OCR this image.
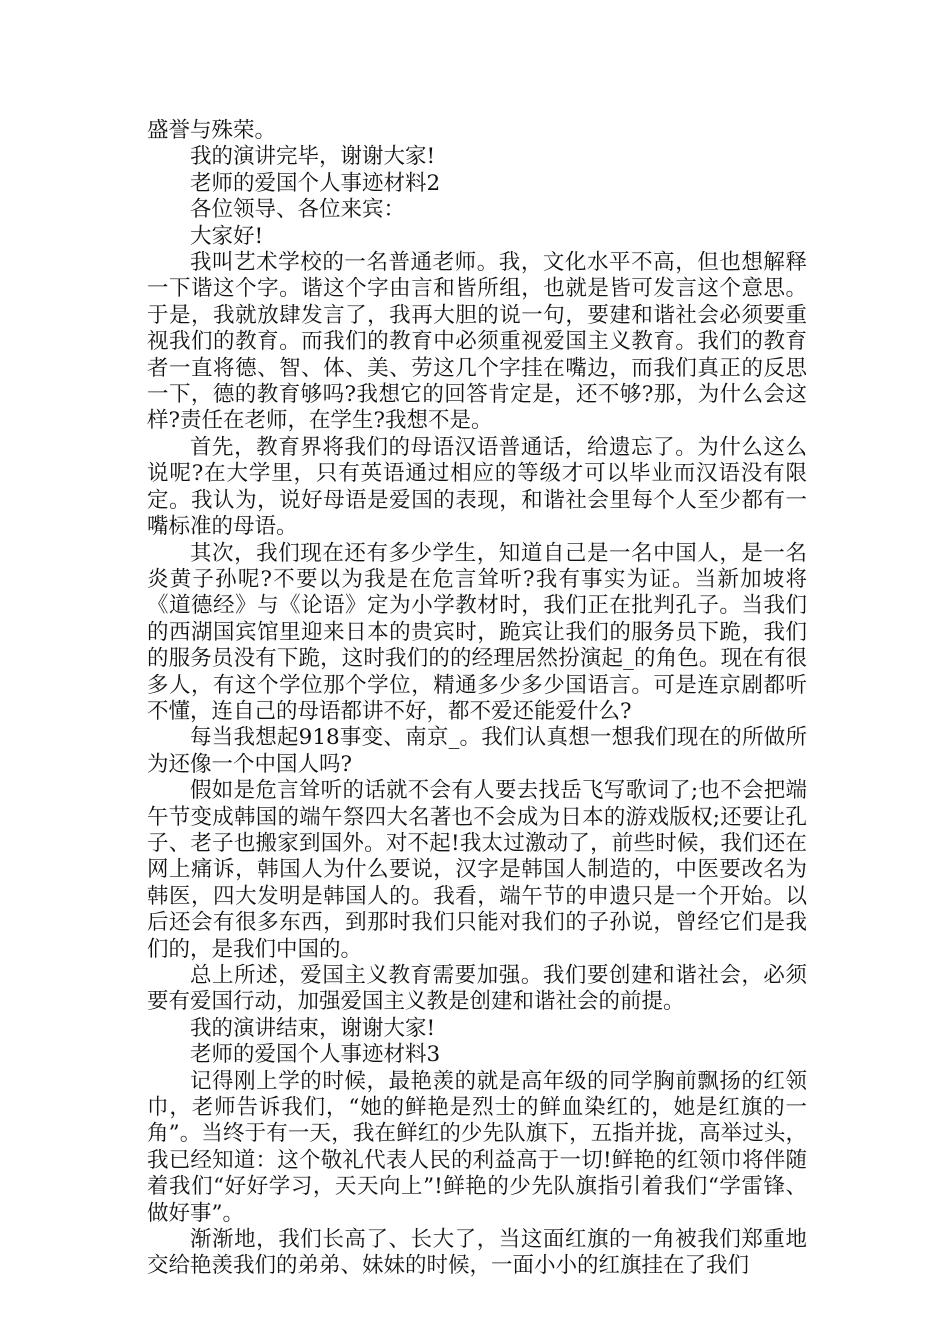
盛誉与殊荣。

我的演讲完毕，谢谢大家!

老师的爱国个人事迹材料2

各位领导、各位来宾：

大家好!

我叫艺术学校的一名普通老师。我，文化水平不高，但也想解释一下谐这个字。谐这个字由言和皆所组，也就是皆可发言这个意思。于是，我就放肆发言了，我再大胆的说一句，要建和谐社会必须要重视我们的教育。而我们的教育中必须重视爱国主义教育。我们的教育者一直将德、智、体、美、劳这几个字挂在嘴边，而我们真正的反思一下，德的教育够吗?我想它的回答肯定是，还不够?那，为什么会这样?责任在老师，在学生?我想不是。

首先，教育界将我们的母语汉语普通话，给遗忘了。为什么这么说呢?在大学里，只有英语通过相应的等级才可以毕业而汉语没有限定。我认为，说好母语是爱国的表现，和谐社会里每个人至少都有一嘴标准的母语。

其次，我们现在还有多少学生，知道自己是一名中国人，是一名炎黄子孙呢?不要以为我是在危言耸听?我有事实为证。当新加坡将《道德经》与《论语》定为小学教材时，我们正在批判孔子。当我们的西湖国宾馆里迎来日本的贵宾时，跪宾让我们的服务员下跪，我们的服务员没有下跪，这时我们的的经理居然扮演起_的角色。现在有很多人，有这个学位那个学位，精通多少多少国语言。可是连京剧都听不懂，连自己的母语都讲不好，都不爱还能爱什么?

每当我想起918事变、南京_。我们认真想一想我们现在的所做所为还像一个中国人吗?

假如是危言耸听的话就不会有人要去找岳飞写歌词了;也不会把端午节变成韩国的端午祭四大名著也不会成为日本的游戏版权;还要让孔子、老子也搬家到国外。对不起!我太过激动了，前些时候，我们还在网上痛诉，韩国人为什么要说，汉字是韩国人制造的，中医要改名为韩医，四大发明是韩国人的。我看，端午节的申遗只是一个开始。以后还会有很多东西，到那时我们只能对我们的子孙说，曾经它们是我们的，是我们中国的。

总上所述，爱国主义教育需要加强。我们要创建和谐社会，必须要有爱国行动，加强爱国主义教是创建和谐社会的前提。

我的演讲结束，谢谢大家!

老师的爱国个人事迹材料3

记得刚上学的时候，最艳羡的就是高年级的同学胸前飘扬的红领巾，老师告诉我们，“她的鲜艳是烈士的鲜血染红的，她是红旗的一角”。当终于有一天，我在鲜红的少先队旗下，五指并拢，高举过头，我已经知道：这个敬礼代表人民的利益高于一切!鲜艳的红领巾将伴随着我们“好好学习，天天向上”!鲜艳的少先队旗指引着我们“学雷锋、做好事”。

渐渐地，我们长高了、长大了，当这面红旗的一角被我们郑重地交给艳羡我们的弟弟、妹妹的时候，一面小小的红旗挂在了我们
